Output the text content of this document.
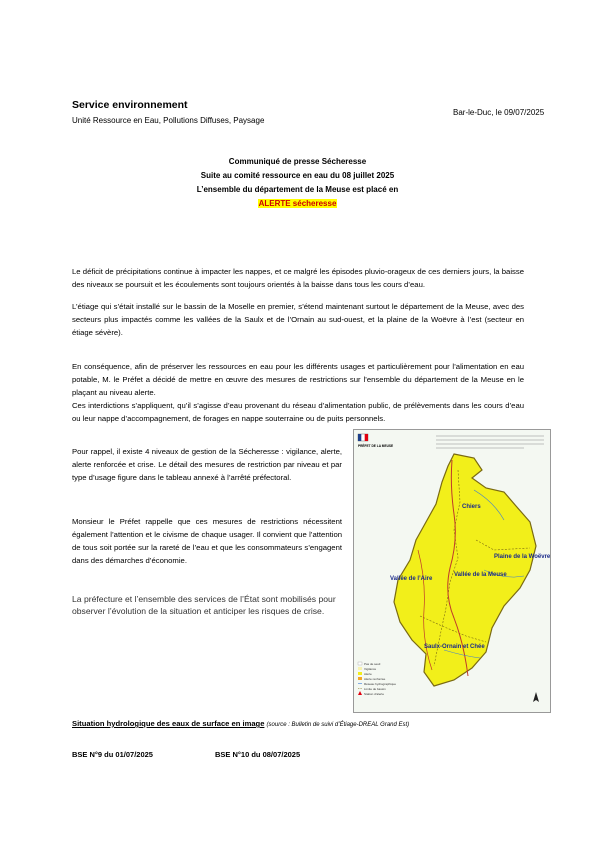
Service environnement
Unité Ressource en Eau, Pollutions Diffuses, Paysage
Bar-le-Duc, le 09/07/2025
Communiqué de presse Sécheresse
Suite au comité ressource en eau du 08 juillet 2025
L’ensemble du département de la Meuse est placé en
ALERTE sécheresse
Le déficit de précipitations continue à impacter les nappes, et ce malgré les épisodes pluvio-orageux de ces derniers jours, la baisse des niveaux se poursuit et les écoulements sont toujours orientés à la baisse dans tous les cours d’eau.
L’étiage qui s’était installé sur le bassin de la Moselle en premier, s’étend maintenant surtout le département de la Meuse, avec des secteurs plus impactés comme les vallées de la Saulx et de l’Ornain au sud-ouest, et la plaine de la Woëvre à l’est (secteur en étiage sévère).
En conséquence, afin de préserver les ressources en eau pour les différents usages et particulièrement pour l’alimentation en eau potable, M. le Préfet a décidé de mettre en œuvre des mesures de restrictions sur l’ensemble du département de la Meuse en le plaçant au niveau alerte.
Ces interdictions s’appliquent, qu’il s’agisse d’eau provenant du réseau d’alimentation public, de prélèvements dans les cours d’eau ou leur nappe d’accompagnement, de forages en nappe souterraine ou de puits personnels.
Pour rappel, il existe 4 niveaux de gestion de la Sécheresse : vigilance, alerte, alerte renforcée et crise. Le détail des mesures de restriction par niveau et par type d’usage figure dans le tableau annexé à l’arrêté préfectoral.
Monsieur le Préfet rappelle que ces mesures de restrictions nécessitent également l’attention et le civisme de chaque usager. Il convient que l’attention de tous soit portée sur la rareté de l’eau et que les consommateurs s’engagent dans des démarches d’économie.
La préfecture et l’ensemble des services de l’État sont mobilisés pour observer l’évolution de la situation et anticiper les risques de crise.
PRÉFET DE LA MEUSE
Chiers
Plaine de la Woëvre
Vallée de l’Aire
Vallée de la Meuse
Saulx-Ornain et Chée
Pas de seuil
Vigilance
Alerte
Alerte renforcée
Réseau hydrographique
Limite de bassin
Station d’alerte
Situation hydrologique des eaux de surface en image (source : Bulletin de suivi d’Étiage-DREAL Grand Est)
BSE N°9 du 01/07/2025	BSE N°10 du 08/07/2025
